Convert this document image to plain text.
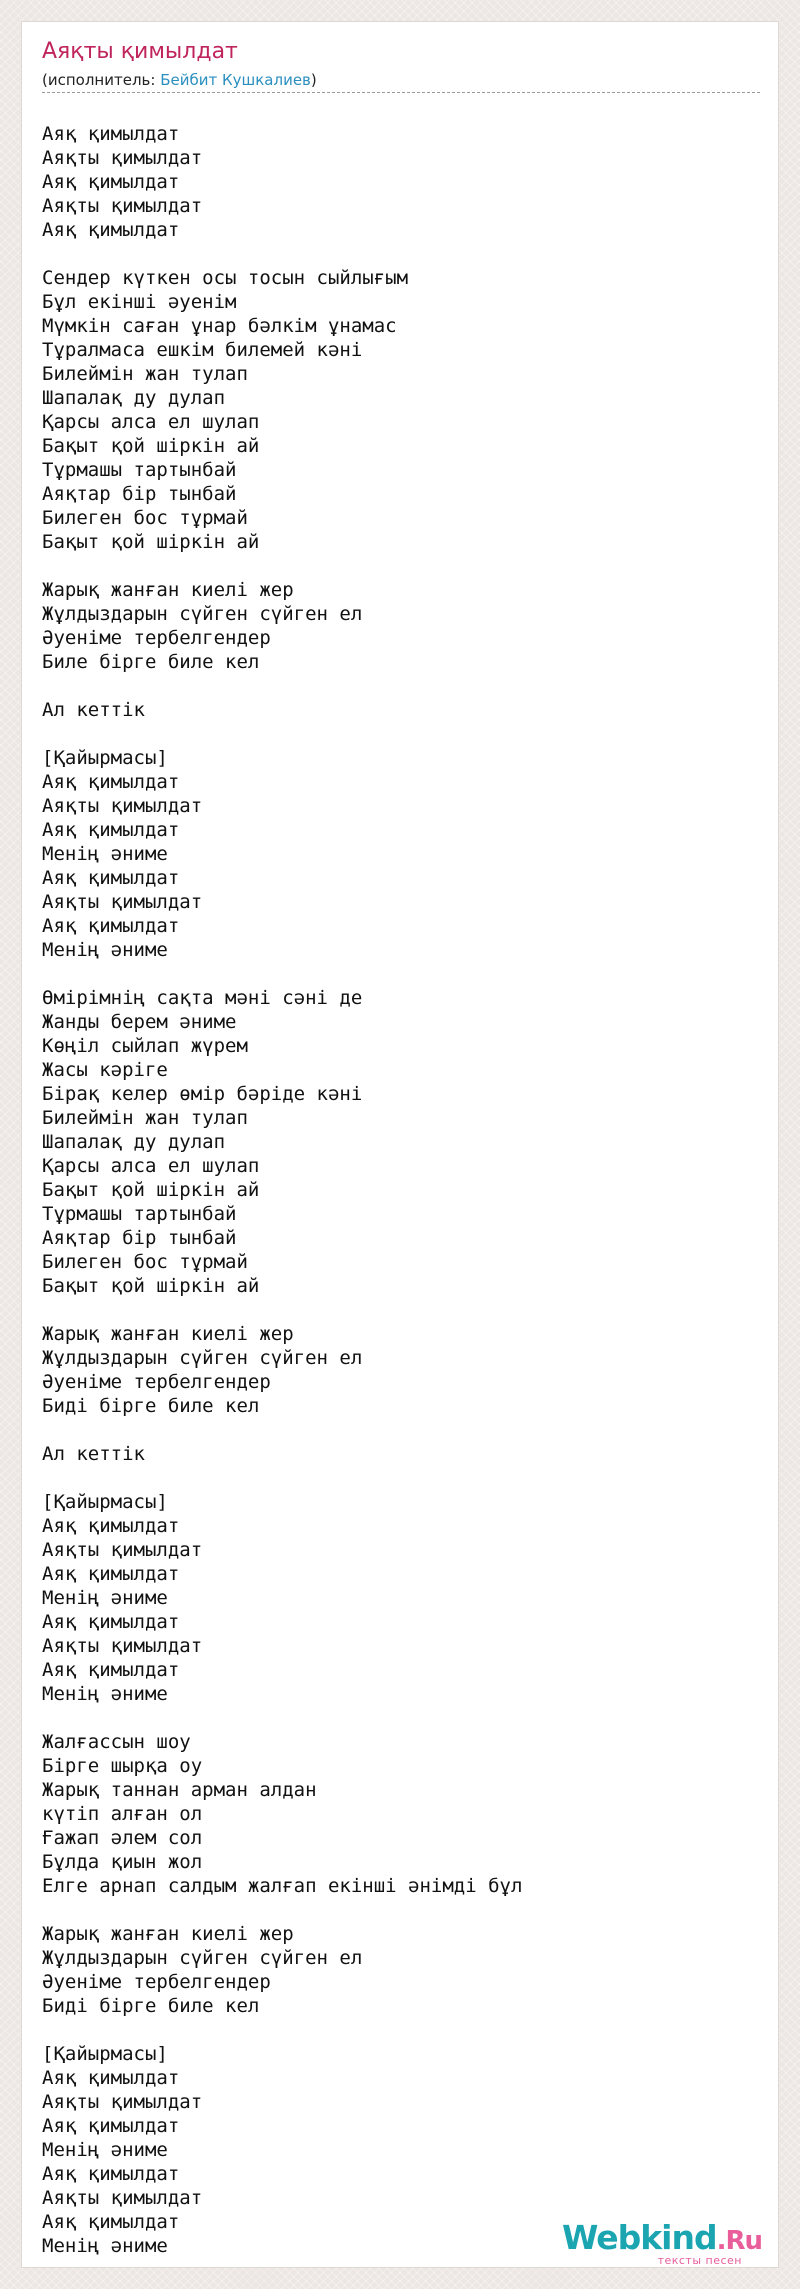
Аяқты қимылдат
(исполнитель: Бейбит Кушкалиев)
Аяқ қимылдат
Аяқты қимылдат
Аяқ қимылдат
Аяқты қимылдат
Аяқ қимылдат

Сендер күткен осы тосын сыйлығым
Бұл екінші әуенім
Мүмкін саған ұнар бәлкім ұнамас
Тұралмаса ешкім билемей кәні
Билеймін жан тулап
Шапалақ ду дулап
Қарсы алса ел шулап
Бақыт қой шіркін ай
Тұрмашы тартынбай
Аяқтар бір тынбай
Билеген бос тұрмай
Бақыт қой шіркін ай

Жарық жанған киелі жер
Жұлдыздарын сүйген сүйген ел
Әуеніме тербелгендер
Биле бірге биле кел

Ал кеттік

[Қайырмасы]
Аяқ қимылдат
Аяқты қимылдат
Аяқ қимылдат
Менің әниме
Аяқ қимылдат
Аяқты қимылдат
Аяқ қимылдат
Менің әниме

Өмірімнің сақта мәні сәні де
Жанды берем әниме
Көңіл сыйлап жүрем
Жасы кәріге
Бірақ келер өмір бәріде кәні
Билеймін жан тулап
Шапалақ ду дулап
Қарсы алса ел шулап
Бақыт қой шіркін ай
Тұрмашы тартынбай
Аяқтар бір тынбай
Билеген бос тұрмай
Бақыт қой шіркін ай

Жарық жанған киелі жер
Жұлдыздарын сүйген сүйген ел
Әуеніме тербелгендер
Биді бірге биле кел

Ал кеттік

[Қайырмасы]
Аяқ қимылдат
Аяқты қимылдат
Аяқ қимылдат
Менің әниме
Аяқ қимылдат
Аяқты қимылдат
Аяқ қимылдат
Менің әниме

Жалғассын шоу
Бірге шырқа оу
Жарық таннан арман алдан
күтіп алған ол
Ғажап әлем сол
Бұлда қиын жол
Елге арнап салдым жалғап екінші әнімді бұл

Жарық жанған киелі жер
Жұлдыздарын сүйген сүйген ел
Әуеніме тербелгендер
Биді бірге биле кел

[Қайырмасы]
Аяқ қимылдат
Аяқты қимылдат
Аяқ қимылдат
Менің әниме
Аяқ қимылдат
Аяқты қимылдат
Аяқ қимылдат
Менің әниме	Webkind.Ru
тексты песен
